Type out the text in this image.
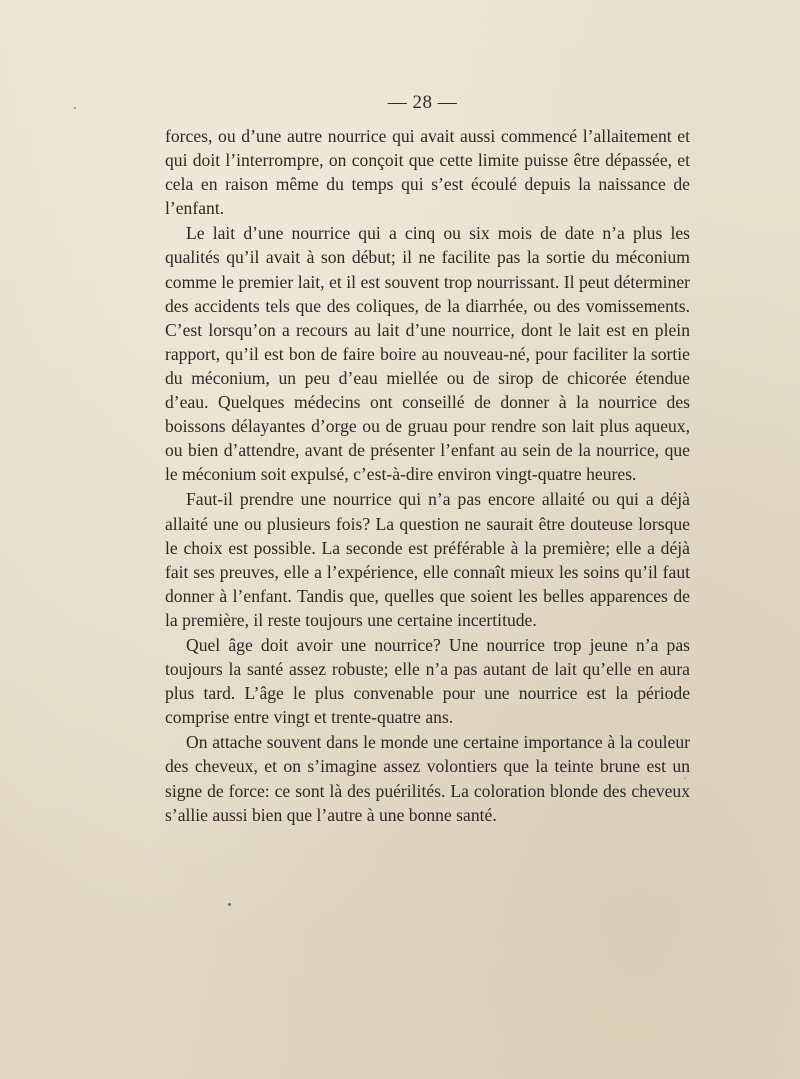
— 28 —

forces, ou d’une autre nourrice qui avait aussi commencé l’allaitement et qui doit l’interrompre, on conçoit que cette limite puisse être dépassée, et cela en raison même du temps qui s’est écoulé depuis la naissance de l’enfant.

Le lait d’une nourrice qui a cinq ou six mois de date n’a plus les qualités qu’il avait à son début; il ne facilite pas la sortie du méconium comme le premier lait, et il est souvent trop nourrissant. Il peut déterminer des accidents tels que des coliques, de la diarrhée, ou des vomissements. C’est lorsqu’on a recours au lait d’une nourrice, dont le lait est en plein rapport, qu’il est bon de faire boire au nouveau-né, pour faciliter la sortie du méconium, un peu d’eau miellée ou de sirop de chicorée étendue d’eau. Quelques médecins ont conseillé de donner à la nourrice des boissons délayantes d’orge ou de gruau pour rendre son lait plus aqueux, ou bien d’attendre, avant de présenter l’enfant au sein de la nourrice, que le méconium soit expulsé, c’est-à-dire environ vingt-quatre heures.

Faut-il prendre une nourrice qui n’a pas encore allaité ou qui a déjà allaité une ou plusieurs fois? La question ne saurait être douteuse lorsque le choix est possible. La seconde est préférable à la première; elle a déjà fait ses preuves, elle a l’expérience, elle connaît mieux les soins qu’il faut donner à l’enfant. Tandis que, quelles que soient les belles apparences de la première, il reste toujours une certaine incertitude.

Quel âge doit avoir une nourrice? Une nourrice trop jeune n’a pas toujours la santé assez robuste; elle n’a pas autant de lait qu’elle en aura plus tard. L’âge le plus convenable pour une nourrice est la période comprise entre vingt et trente-quatre ans.

On attache souvent dans le monde une certaine importance à la couleur des cheveux, et on s’imagine assez volontiers que la teinte brune est un signe de force: ce sont là des puérilités. La coloration blonde des cheveux s’allie aussi bien que l’autre à une bonne santé.
